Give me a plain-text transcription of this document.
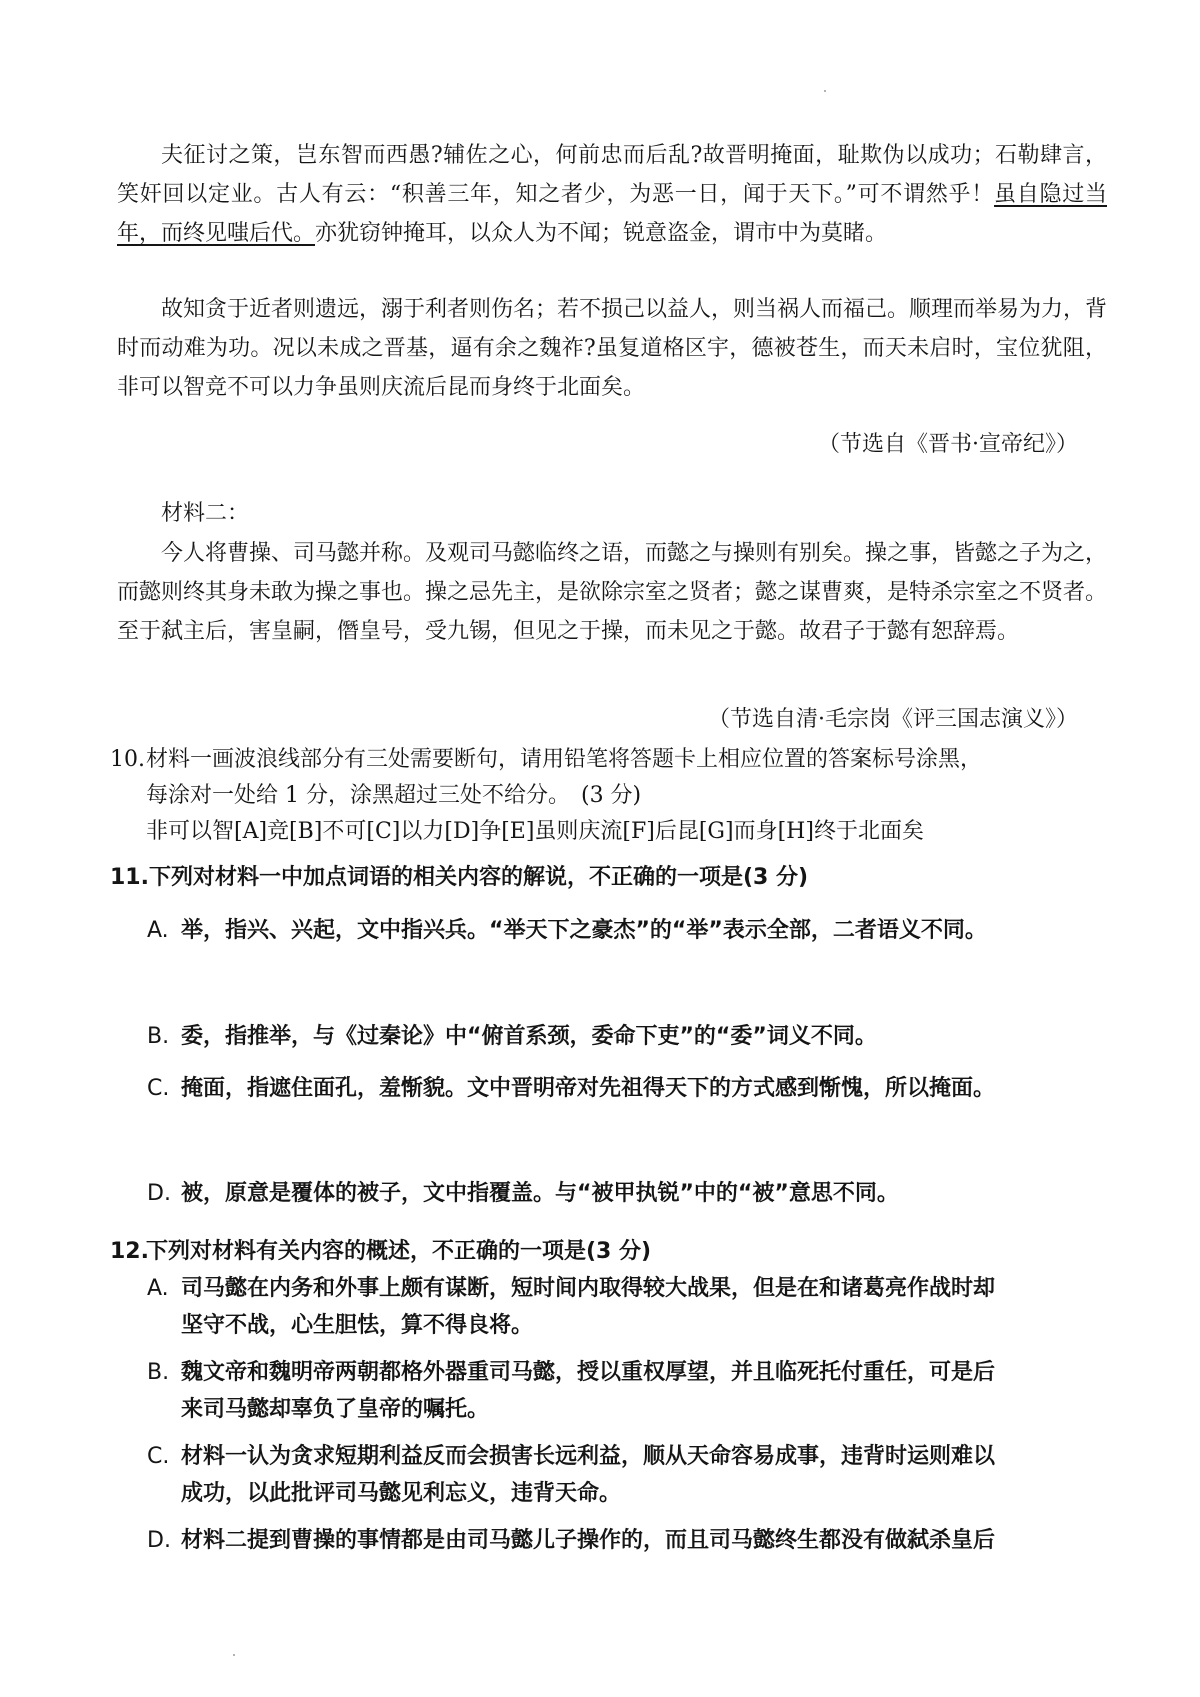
夫征讨之策，岂东智而西愚?辅佐之心，何前忠而后乱?故晋明掩面，耻欺伪以成功；石勒肆言，笑奸回以定业。古人有云：“积善三年，知之者少，为恶一日，闻于天下。”可不谓然乎！虽自隐过当年，而终见嗤后代。亦犹窃钟掩耳，以众人为不闻；锐意盗金，谓市中为莫睹。

故知贪于近者则遗远，溺于利者则伤名；若不损己以益人，则当祸人而福己。顺理而举易为力，背时而动难为功。况以未成之晋基，逼有余之魏祚?虽复道格区宇，德被苍生，而天未启时，宝位犹阻，非可以智竞不可以力争虽则庆流后昆而身终于北面矣。

（节选自《晋书·宣帝纪》）

材料二：

今人将曹操、司马懿并称。及观司马懿临终之语，而懿之与操则有别矣。操之事，皆懿之子为之，而懿则终其身未敢为操之事也。操之忌先主，是欲除宗室之贤者；懿之谋曹爽，是特杀宗室之不贤者。至于弑主后，害皇嗣，僭皇号，受九锡，但见之于操，而未见之于懿。故君子于懿有恕辞焉。

（节选自清·毛宗岗《评三国志演义》）

10.材料一画波浪线部分有三处需要断句，请用铅笔将答题卡上相应位置的答案标号涂黑，
每涂对一处给 1 分，涂黑超过三处不给分。　(3 分)
非可以智[A]竞[B]不可[C]以力[D]争[E]虽则庆流[F]后昆[G]而身[H]终于北面矣

11.下列对材料一中加点词语的相关内容的解说，不正确的一项是(3 分)

A. 举，指兴、兴起，文中指兴兵。“举天下之豪杰”的“举”表示全部，二者语义不同。
B. 委，指推举，与《过秦论》中“俯首系颈，委命下吏”的“委”词义不同。
C. 掩面，指遮住面孔，羞惭貌。文中晋明帝对先祖得天下的方式感到惭愧，所以掩面。
D. 被，原意是覆体的被子，文中指覆盖。与“被甲执锐”中的“被”意思不同。
12.下列对材料有关内容的概述，不正确的一项是(3 分)
A. 司马懿在内务和外事上颇有谋断，短时间内取得较大战果，但是在和诸葛亮作战时却
坚守不战，心生胆怯，算不得良将。
B. 魏文帝和魏明帝两朝都格外器重司马懿，授以重权厚望，并且临死托付重任，可是后
来司马懿却辜负了皇帝的嘱托。
C. 材料一认为贪求短期利益反而会损害长远利益，顺从天命容易成事，违背时运则难以
成功，以此批评司马懿见利忘义，违背天命。
D. 材料二提到曹操的事情都是由司马懿儿子操作的，而且司马懿终生都没有做弑杀皇后
